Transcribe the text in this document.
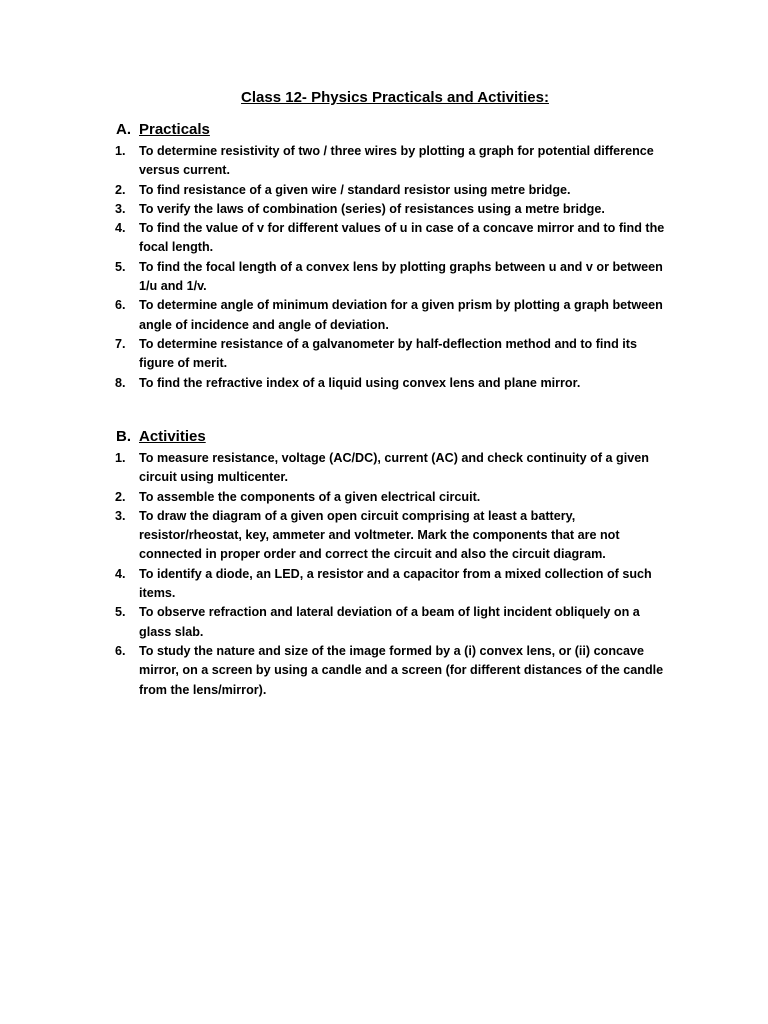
Class 12- Physics Practicals and Activities:
A. Practicals
1. To determine resistivity of two / three wires by plotting a graph for potential difference versus current.
2. To find resistance of a given wire / standard resistor using metre bridge.
3. To verify the laws of combination (series) of resistances using a metre bridge.
4. To find the value of v for different values of u in case of a concave mirror and to find the focal length.
5. To find the focal length of a convex lens by plotting graphs between u and v or between 1/u and 1/v.
6. To determine angle of minimum deviation for a given prism by plotting a graph between angle of incidence and angle of deviation.
7. To determine resistance of a galvanometer by half-deflection method and to find its figure of merit.
8. To find the refractive index of a liquid using convex lens and plane mirror.
B. Activities
1. To measure resistance, voltage (AC/DC), current (AC) and check continuity of a given circuit using multicenter.
2. To assemble the components of a given electrical circuit.
3. To draw the diagram of a given open circuit comprising at least a battery, resistor/rheostat, key, ammeter and voltmeter. Mark the components that are not connected in proper order and correct the circuit and also the circuit diagram.
4. To identify a diode, an LED, a resistor and a capacitor from a mixed collection of such items.
5. To observe refraction and lateral deviation of a beam of light incident obliquely on a glass slab.
6. To study the nature and size of the image formed by a (i) convex lens, or (ii) concave mirror, on a screen by using a candle and a screen (for different distances of the candle from the lens/mirror).
